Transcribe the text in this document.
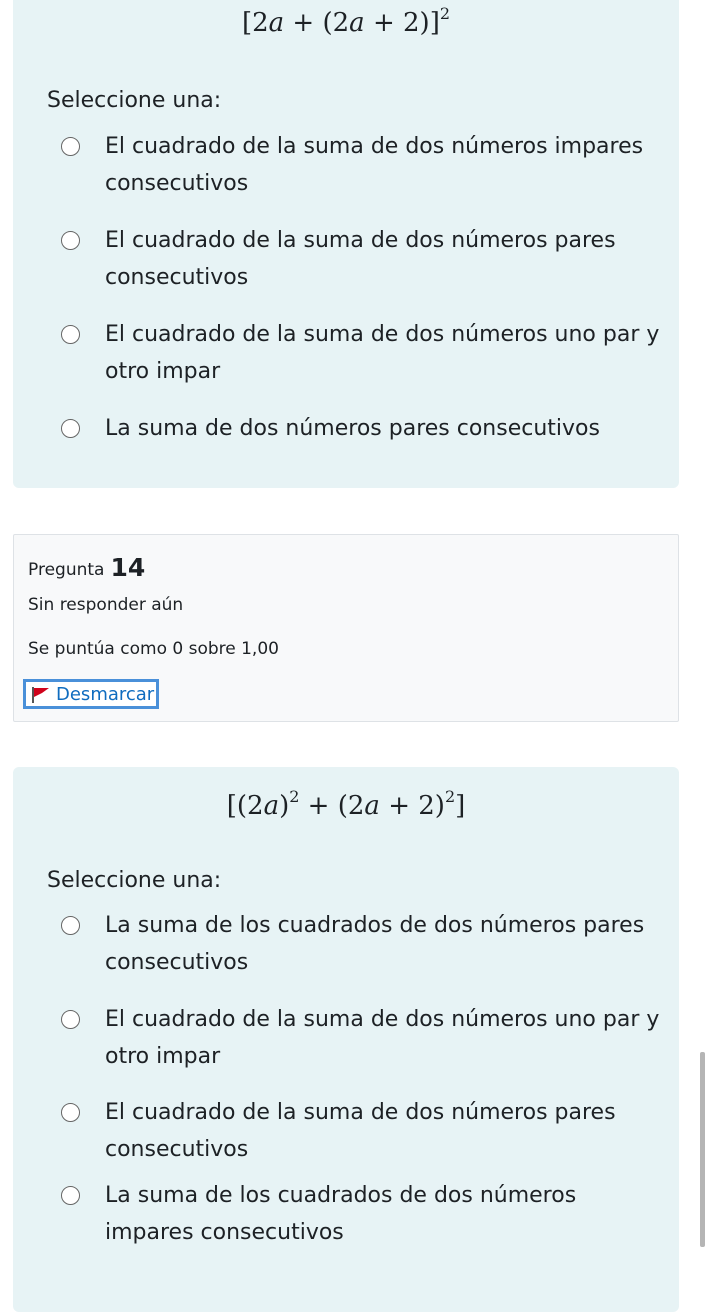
$[2a + (2a + 2)]^2$
Seleccione una:
El cuadrado de la suma de dos números impares consecutivos
El cuadrado de la suma de dos números pares consecutivos
El cuadrado de la suma de dos números uno par y otro impar
La suma de dos números pares consecutivos
Pregunta 14
Sin responder aún
Se puntúa como 0 sobre 1,00
Desmarcar
$[(2a)^2 + (2a + 2)^2]$
Seleccione una:
La suma de los cuadrados de dos números pares consecutivos
El cuadrado de la suma de dos números uno par y otro impar
El cuadrado de la suma de dos números pares consecutivos
La suma de los cuadrados de dos números impares consecutivos
